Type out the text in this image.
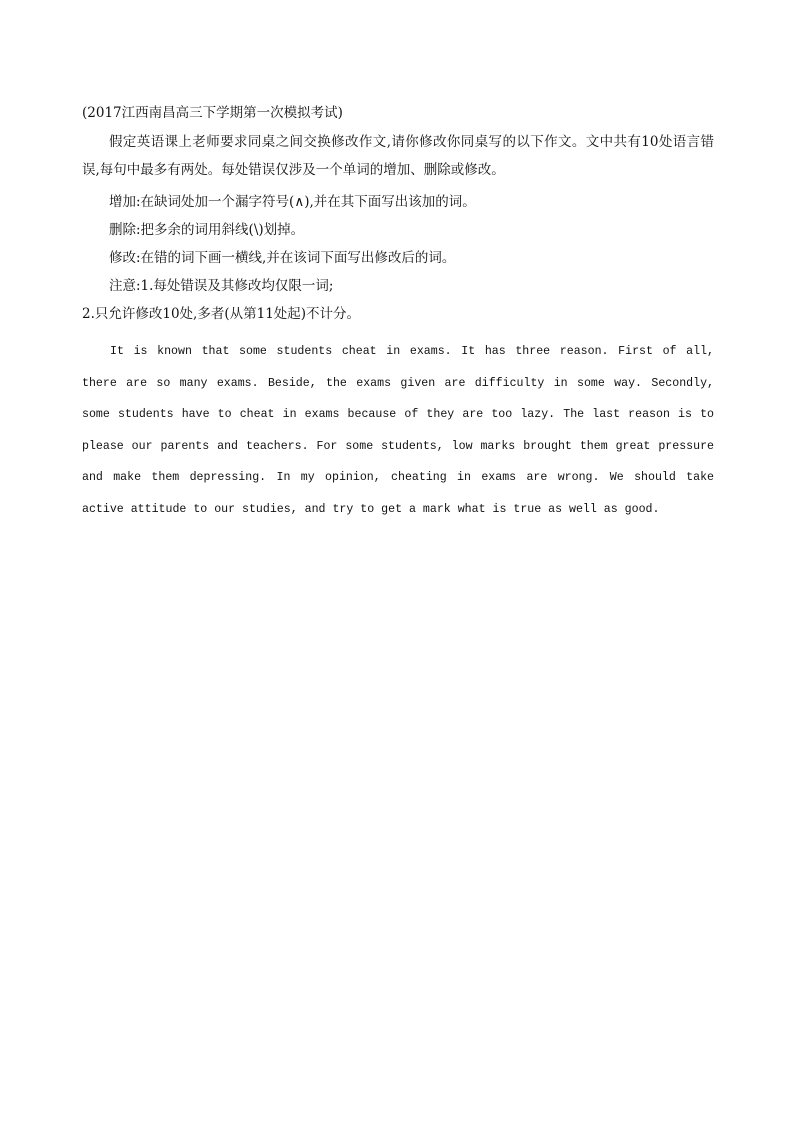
(2017江西南昌高三下学期第一次模拟考试)

假定英语课上老师要求同桌之间交换修改作文,请你修改你同桌写的以下作文。文中共有10处语言错误,每句中最多有两处。每处错误仅涉及一个单词的增加、删除或修改。

增加:在缺词处加一个漏字符号(∧),并在其下面写出该加的词。

删除:把多余的词用斜线(\)划掉。

修改:在错的词下画一横线,并在该词下面写出修改后的词。

注意:1.每处错误及其修改均仅限一词;

2.只允许修改10处,多者(从第11处起)不计分。

It is known that some students cheat in exams. It has three reason. First of all, there are so many exams. Beside, the exams given are difficulty in some way. Secondly, some students have to cheat in exams because of they are too lazy. The last reason is to please our parents and teachers. For some students, low marks brought them great pressure and make them depressing. In my opinion, cheating in exams are wrong. We should take active attitude to our studies, and try to get a mark what is true as well as good.
